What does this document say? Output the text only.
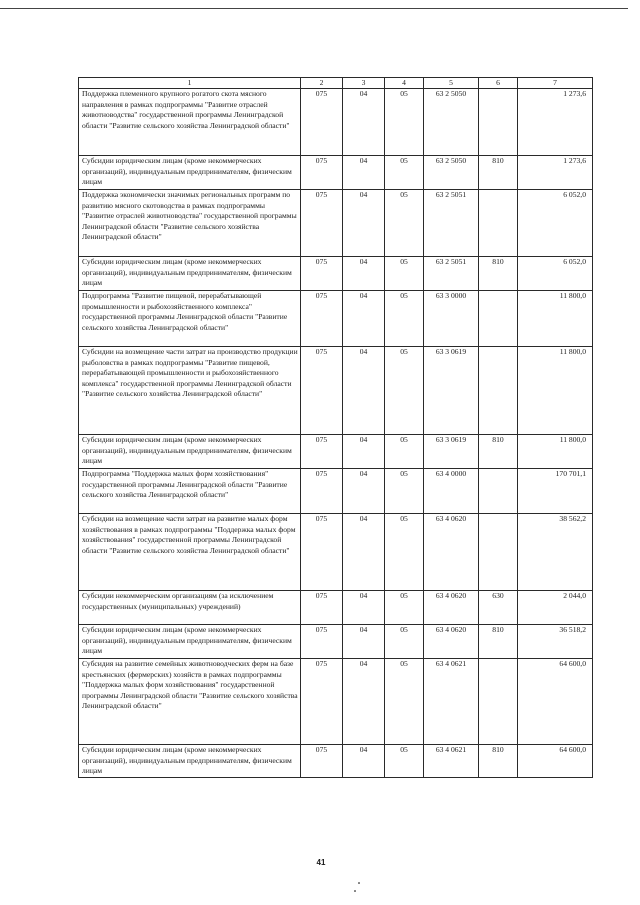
1	2	3	4	5	6	7
Поддержка племенного крупного рогатого скота мясного направления в рамках подпрограммы "Развитие отраслей животноводства" государственной программы Ленинградской области "Развитие сельского хозяйства Ленинградской области"	075	04	05	63 2 5050		1 273,6
Субсидии юридическим лицам (кроме некоммерческих организаций), индивидуальным предпринимателям, физическим лицам	075	04	05	63 2 5050	810	1 273,6
Поддержка экономически значимых региональных программ по развитию мясного скотоводства в рамках подпрограммы "Развитие отраслей животноводства" государственной программы Ленинградской области "Развитие сельского хозяйства Ленинградской области"	075	04	05	63 2 5051		6 052,0
Субсидии юридическим лицам (кроме некоммерческих организаций), индивидуальным предпринимателям, физическим лицам	075	04	05	63 2 5051	810	6 052,0
Подпрограмма "Развитие пищевой, перерабатывающей промышленности и рыбохозяйственного комплекса" государственной программы Ленинградской области "Развитие сельского хозяйства Ленинградской области"	075	04	05	63 3 0000		11 800,0
Субсидии на возмещение части затрат на производство продукции рыболовства в рамках подпрограммы "Развитие пищевой, перерабатывающей промышленности и рыбохозяйственного комплекса" государственной программы Ленинградской области "Развитие сельского хозяйства Ленинградской области"	075	04	05	63 3 0619		11 800,0
Субсидии юридическим лицам (кроме некоммерческих организаций), индивидуальным предпринимателям, физическим лицам	075	04	05	63 3 0619	810	11 800,0
Подпрограмма "Поддержка малых форм хозяйствования" государственной программы Ленинградской области "Развитие сельского хозяйства Ленинградской области"	075	04	05	63 4 0000		170 701,1
Субсидии на возмещение части затрат на развитие малых форм хозяйствования в рамках подпрограммы "Поддержка малых форм хозяйствования" государственной программы Ленинградской области "Развитие сельского хозяйства Ленинградской области"	075	04	05	63 4 0620		38 562,2
Субсидии некоммерческим организациям (за исключением государственных (муниципальных) учреждений)	075	04	05	63 4 0620	630	2 044,0
Субсидии юридическим лицам (кроме некоммерческих организаций), индивидуальным предпринимателям, физическим лицам	075	04	05	63 4 0620	810	36 518,2
Субсидия на развитие семейных животноводческих ферм на базе крестьянских (фермерских) хозяйств в рамках подпрограммы "Поддержка малых форм хозяйствования" государственной программы Ленинградской области "Развитие сельского хозяйства Ленинградской области"	075	04	05	63 4 0621		64 600,0
Субсидии юридическим лицам (кроме некоммерческих организаций), индивидуальным предпринимателям, физическим лицам	075	04	05	63 4 0621	810	64 600,0
41
